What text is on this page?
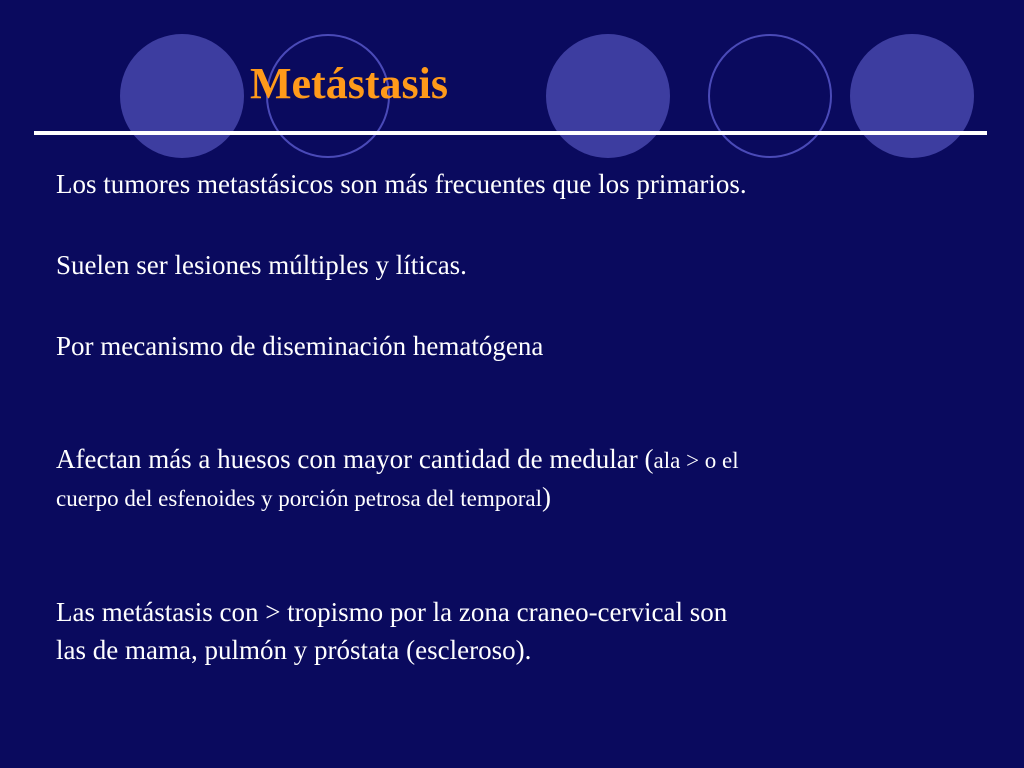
Metástasis

Los tumores metastásicos son más frecuentes que los primarios.

Suelen ser lesiones múltiples y líticas.

Por mecanismo de diseminación hematógena

Afectan más a huesos con mayor cantidad de medular (ala > o el
cuerpo del esfenoides y porción petrosa del temporal)

Las metástasis con > tropismo por la zona craneo-cervical son
las de mama, pulmón y próstata (escleroso).
